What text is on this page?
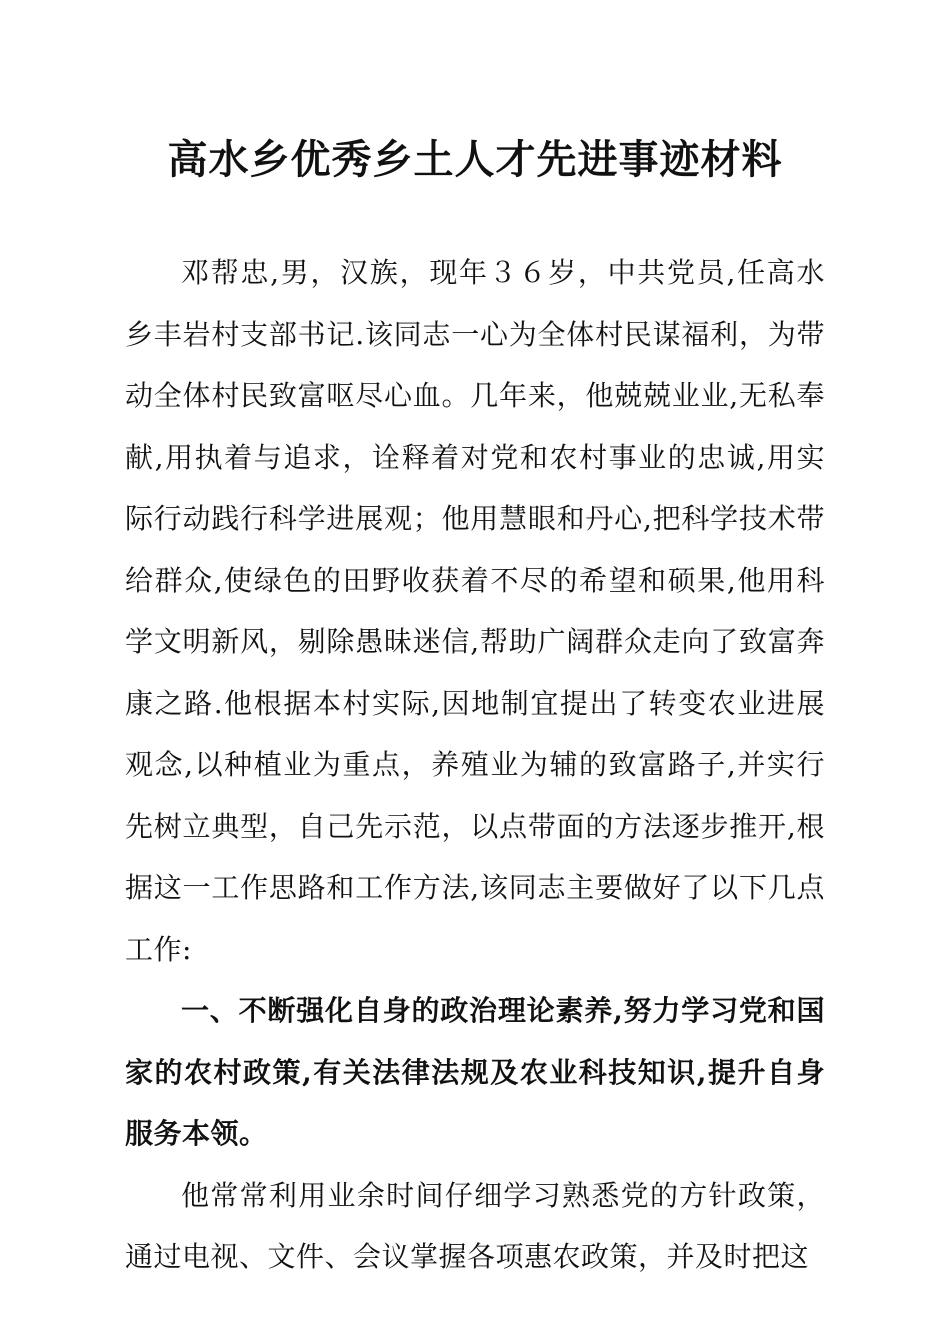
高水乡优秀乡土人才先进事迹材料

邓帮忠,男，汉族，现年３６岁，中共党员,任高水乡丰岩村支部书记.该同志一心为全体村民谋福利，为带动全体村民致富呕尽心血。几年来，他兢兢业业,无私奉献,用执着与追求，诠释着对党和农村事业的忠诚,用实际行动践行科学进展观；他用慧眼和丹心,把科学技术带给群众,使绿色的田野收获着不尽的希望和硕果,他用科学文明新风，剔除愚昧迷信,帮助广阔群众走向了致富奔康之路.他根据本村实际,因地制宜提出了转变农业进展观念,以种植业为重点，养殖业为辅的致富路子,并实行先树立典型，自己先示范，以点带面的方法逐步推开,根据这一工作思路和工作方法,该同志主要做好了以下几点工作:

一、不断强化自身的政治理论素养,努力学习党和国家的农村政策,有关法律法规及农业科技知识,提升自身服务本领。

他常常利用业余时间仔细学习熟悉党的方针政策，通过电视、文件、会议掌握各项惠农政策，并及时把这
